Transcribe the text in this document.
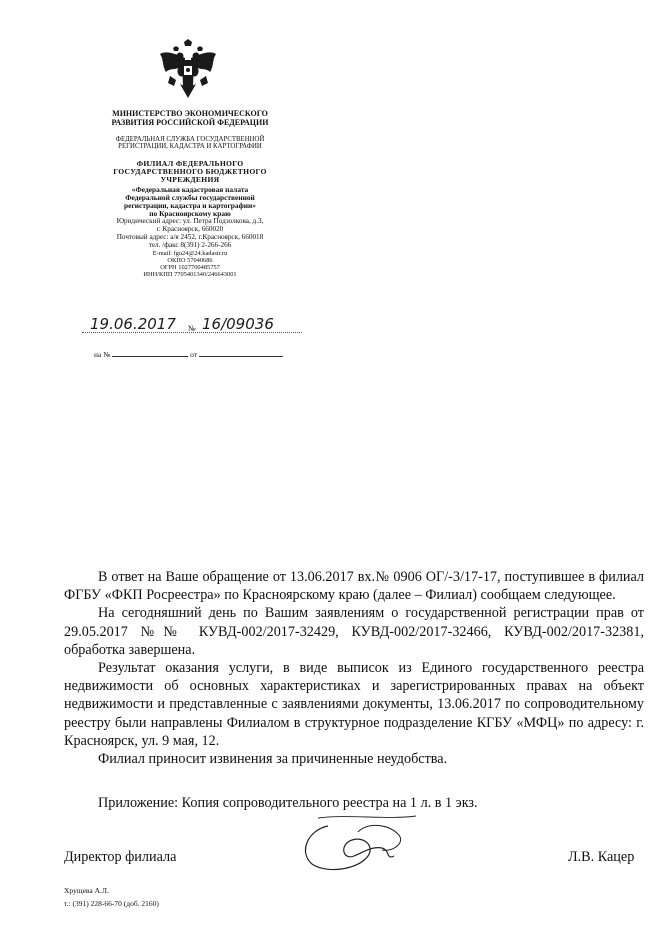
МИНИСТЕРСТВО ЭКОНОМИЧЕСКОГО
РАЗВИТИЯ РОССИЙСКОЙ ФЕДЕРАЦИИ
ФЕДЕРАЛЬНАЯ СЛУЖБА ГОСУДАРСТВЕННОЙ
РЕГИСТРАЦИИ, КАДАСТРА И КАРТОГРАФИИ
ФИЛИАЛ ФЕДЕРАЛЬНОГО
ГОСУДАРСТВЕННОГО БЮДЖЕТНОГО
УЧРЕЖДЕНИЯ
«Федеральная кадастровая палата
Федеральной службы государственной
регистрации, кадастра и картографии»
по Красноярскому краю
Юридический адрес: ул. Петра Подзолкова, д.3,
г. Красноярск, 660020
Почтовый адрес: а/я 2452, г.Красноярск, 660018
тел. /факс 8(391) 2-266-266
E-mail: fgu24@24.kadastr.ru
ОКПО 57040686
ОГРН 1027700485757
ИНН/КПП 7705401340/246643001
19.06.2017 № 16/09036
на №	от

В ответ на Ваше обращение от 13.06.2017 вх.№ 0906 ОГ/-3/17-17, поступившее в филиал ФГБУ «ФКП Росреестра» по Красноярскому краю (далее – Филиал) сообщаем следующее.

На сегодняшний день по Вашим заявлениям о государственной регистрации прав от 29.05.2017 №№ КУВД-002/2017-32429, КУВД-002/2017-32466, КУВД-002/2017-32381, обработка завершена.

Результат оказания услуги, в виде выписок из Единого государственного реестра недвижимости об основных характеристиках и зарегистрированных правах на объект недвижимости и представленные с заявлениями документы, 13.06.2017 по сопроводительному реестру были направлены Филиалом в структурное подразделение КГБУ «МФЦ» по адресу: г. Красноярск, ул. 9 мая, 12.

Филиал приносит извинения за причиненные неудобства.

Приложение: Копия сопроводительного реестра на 1 л. в 1 экз.
Директор филиала	Л.В. Кацер
Хрущева А.Л.
т.: (391) 228-66-70 (доб. 2160)
